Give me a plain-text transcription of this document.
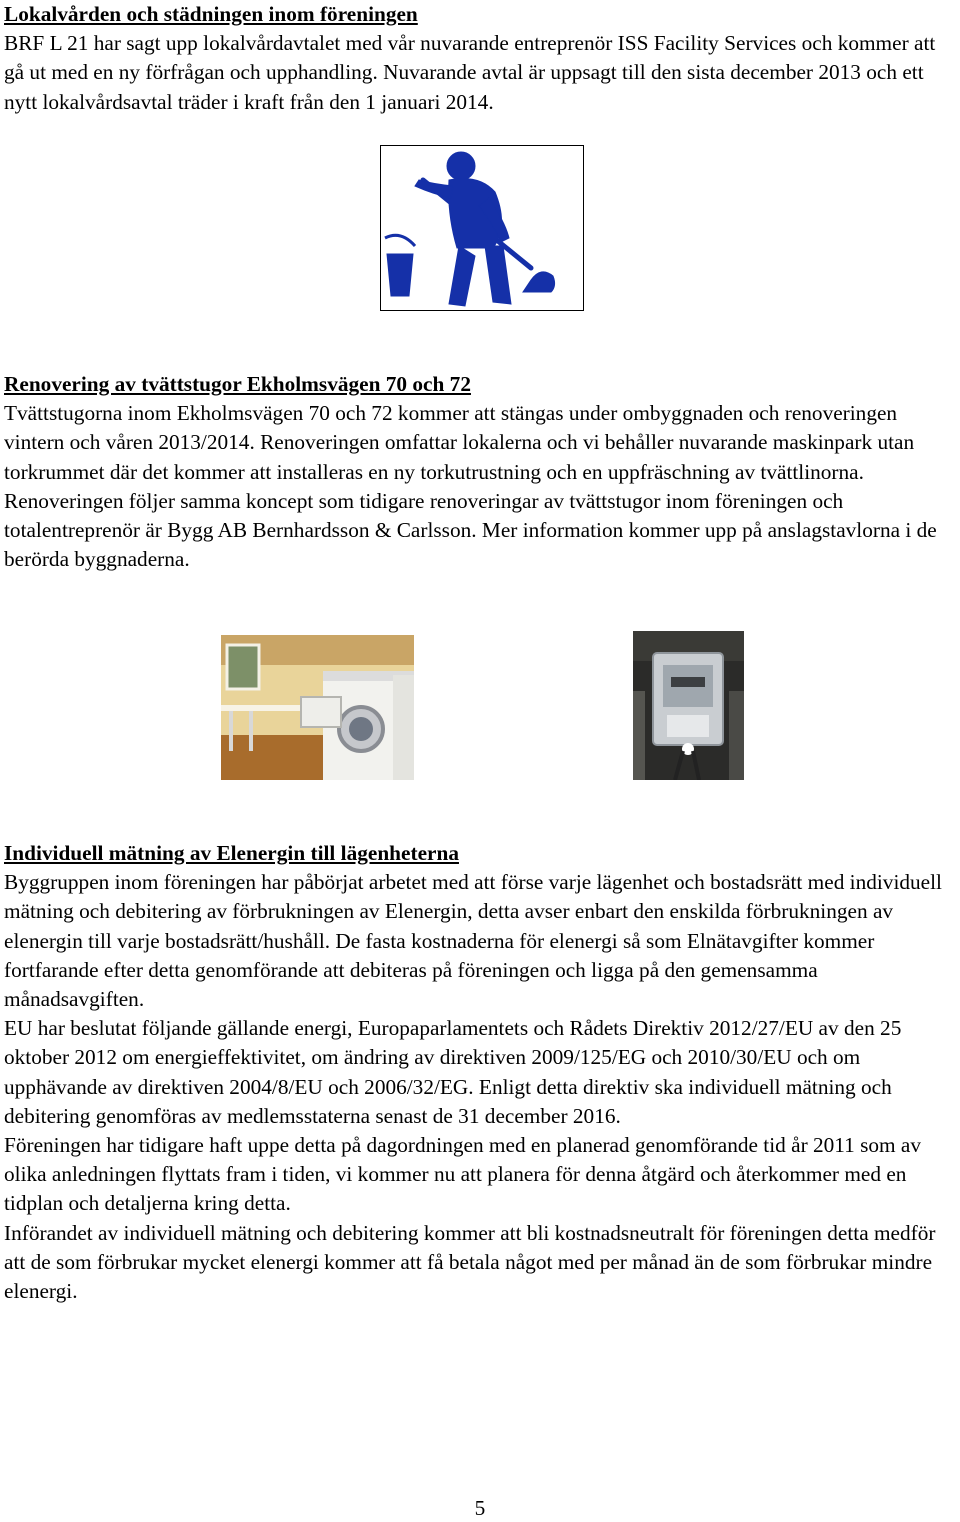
Lokalvården och städningen inom föreningen
BRF L 21 har sagt upp lokalvårdavtalet med vår nuvarande entreprenör ISS Facility Services och kommer att gå ut med en ny förfrågan och upphandling. Nuvarande avtal är uppsagt till den sista december 2013 och ett nytt lokalvårdsavtal träder i kraft från den 1 januari 2014.
Renovering av tvättstugor Ekholmsvägen 70 och 72
Tvättstugorna inom Ekholmsvägen 70 och 72 kommer att stängas under ombyggnaden och renoveringen vintern och våren 2013/2014. Renoveringen omfattar lokalerna och vi behåller nuvarande maskinpark utan torkrummet där det kommer att installeras en ny torkutrustning och en uppfräschning av tvättlinorna. Renoveringen följer samma koncept som tidigare renoveringar av tvättstugor inom föreningen och totalentreprenör är Bygg AB Bernhardsson & Carlsson. Mer information kommer upp på anslagstavlorna i de berörda byggnaderna.
Individuell mätning av Elenergin till lägenheterna
Byggruppen inom föreningen har påbörjat arbetet med att förse varje lägenhet och bostadsrätt med individuell mätning och debitering av förbrukningen av Elenergin, detta avser enbart den enskilda förbrukningen av elenergin till varje bostadsrätt/hushåll. De fasta kostnaderna för elenergi så som Elnätavgifter kommer fortfarande efter detta genomförande att debiteras på föreningen och ligga på den gemensamma månadsavgiften.
EU har beslutat följande gällande energi, Europaparlamentets och Rådets Direktiv 2012/27/EU av den 25 oktober 2012 om energieffektivitet, om ändring av direktiven 2009/125/EG och 2010/30/EU och om upphävande av direktiven 2004/8/EU och 2006/32/EG. Enligt detta direktiv ska individuell mätning och debitering genomföras av medlemsstaterna senast de 31 december 2016.
Föreningen har tidigare haft uppe detta på dagordningen med en planerad genomförande tid år 2011 som av olika anledningen flyttats fram i tiden, vi kommer nu att planera för denna åtgärd och återkommer med en tidplan och detaljerna kring detta.
Införandet av individuell mätning och debitering kommer att bli kostnadsneutralt för föreningen detta medför att de som förbrukar mycket elenergi kommer att få betala något med per månad än de som förbrukar mindre elenergi.
5
